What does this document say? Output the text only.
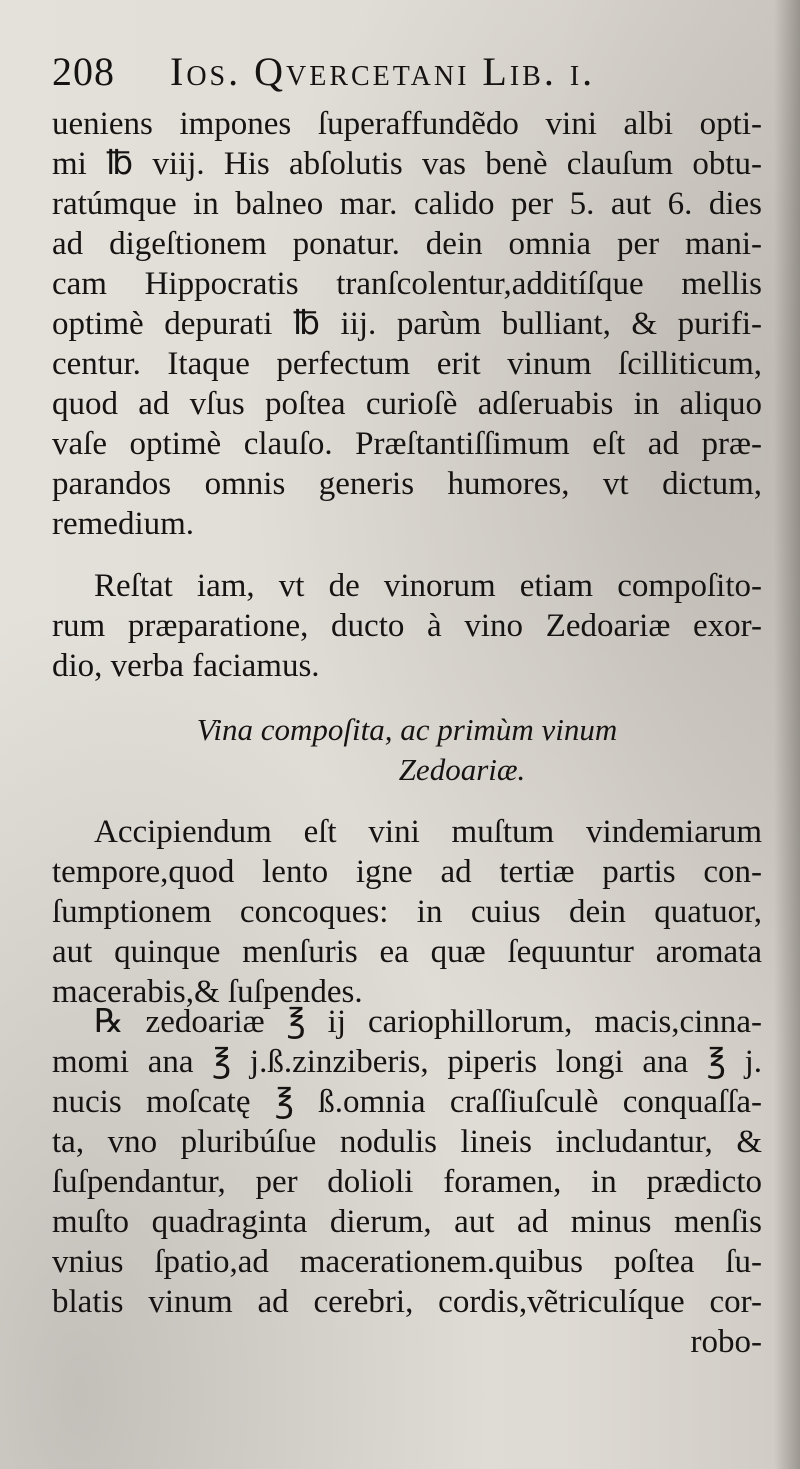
208 Ios. Qvercetani Lib. i.
ueniens impones ſuperaffundẽdo vini albi opti-
mi ℔ viij. His abſolutis vas benè clauſum obtu-
ratúmque in balneo mar. calido per 5. aut 6. dies
ad digeſtionem ponatur. dein omnia per mani-
cam Hippocratis tranſcolentur,additíſque mellis
optimè depurati ℔ iij. parùm bulliant, & purifi-
centur. Itaque perfectum erit vinum ſcilliticum,
quod ad vſus poſtea curioſè adſeruabis in aliquo
vaſe optimè clauſo. Præſtantiſſimum eſt ad præ-
parandos omnis generis humores, vt dictum,
remedium.
Reſtat iam, vt de vinorum etiam compoſito-
rum præparatione, ducto à vino Zedoariæ exor-
dio, verba faciamus.
Vina compoſita, ac primùm vinum
Zedoariæ.
Accipiendum eſt vini muſtum vindemiarum
tempore,quod lento igne ad tertiæ partis con-
ſumptionem concoques: in cuius dein quatuor,
aut quinque menſuris ea quæ ſequuntur aromata
macerabis,& ſuſpendes.
℞ zedoariæ ℥ ij cariophillorum, macis,cinna-
momi ana ℥ j.ß.zinziberis, piperis longi ana ℥ j.
nucis moſcatę ℥ ß.omnia craſſiuſculè conquaſſa-
ta, vno pluribúſue nodulis lineis includantur, &
ſuſpendantur, per dolioli foramen, in prædicto
muſto quadraginta dierum, aut ad minus menſis
vnius ſpatio,ad macerationem.quibus poſtea ſu-
blatis vinum ad cerebri, cordis,vẽtriculíque cor-
robo-
